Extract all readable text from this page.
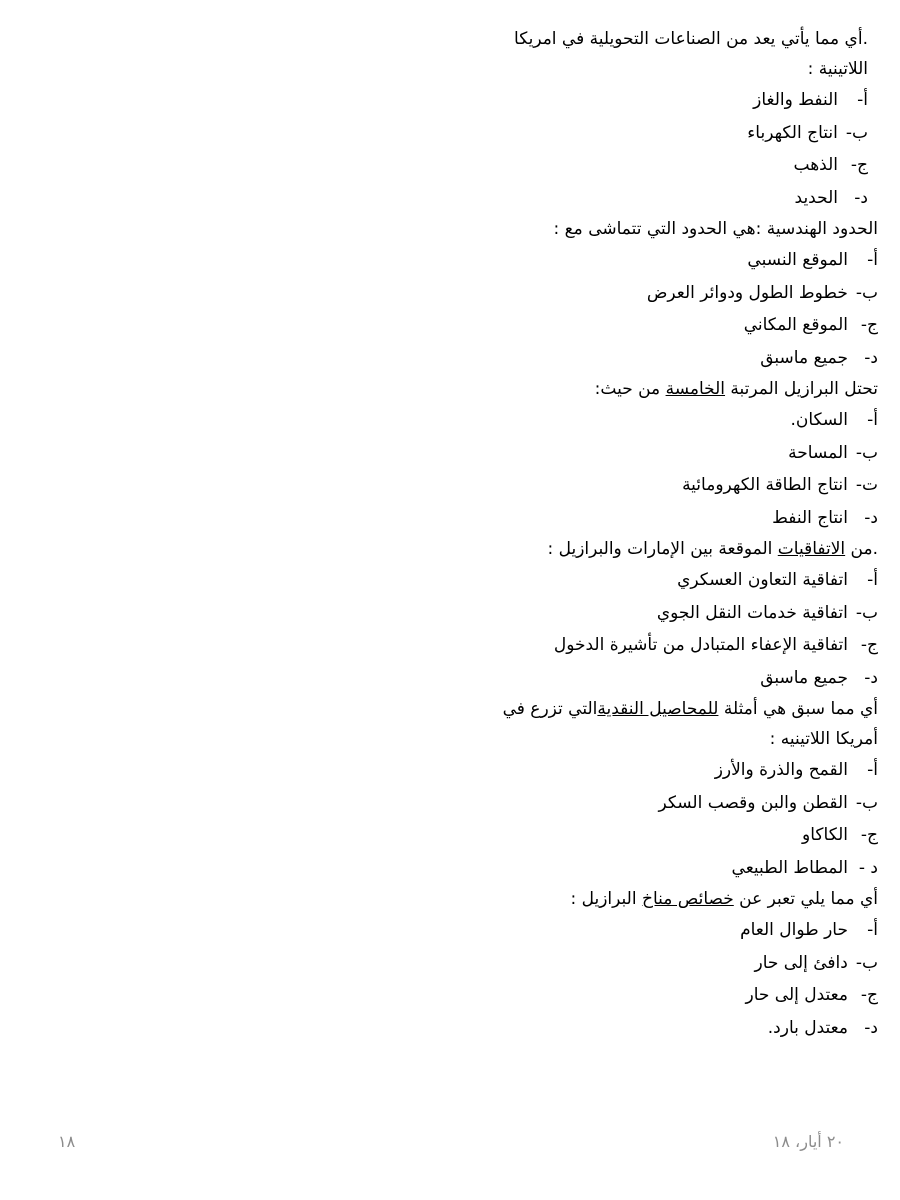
.أي مما يأتي يعد من الصناعات التحويلية في امريكا
اللاتينية :
أ-النفط والغاز
ب-انتاج الكهرباء
ج-الذهب
د-الحديد
الحدود الهندسية :هي الحدود التي تتماشى مع :
أ-الموقع النسبي
ب-خطوط الطول ودوائر العرض
ج-الموقع المكاني
د-جميع ماسبق
تحتل البرازيل المرتبة الخامسة من حيث:
أ-السكان.
ب-المساحة
ت-انتاج الطاقة الكهرومائية
د-انتاج النفط
.من الاتفاقيات الموقعة بين الإمارات والبرازيل :
أ-اتفاقية التعاون العسكري
ب-اتفاقية خدمات النقل الجوي
ج-اتفاقية الإعفاء المتبادل من تأشيرة الدخول
د-جميع ماسبق
أي مما سبق هي أمثلة للمحاصيل النقديةالتي تزرع في
أمريكا اللاتينيه :
أ-القمح والذرة والأرز
ب-القطن والبن وقصب السكر
ج-الكاكاو
د -المطاط الطبيعي
أي مما يلي تعبر عن خصائص مناخ البرازيل :
أ-حار طوال العام
ب-دافئ إلى حار
ج-معتدل إلى حار
د-معتدل بارد.
٢٠ أيار، ١٨
١٨
